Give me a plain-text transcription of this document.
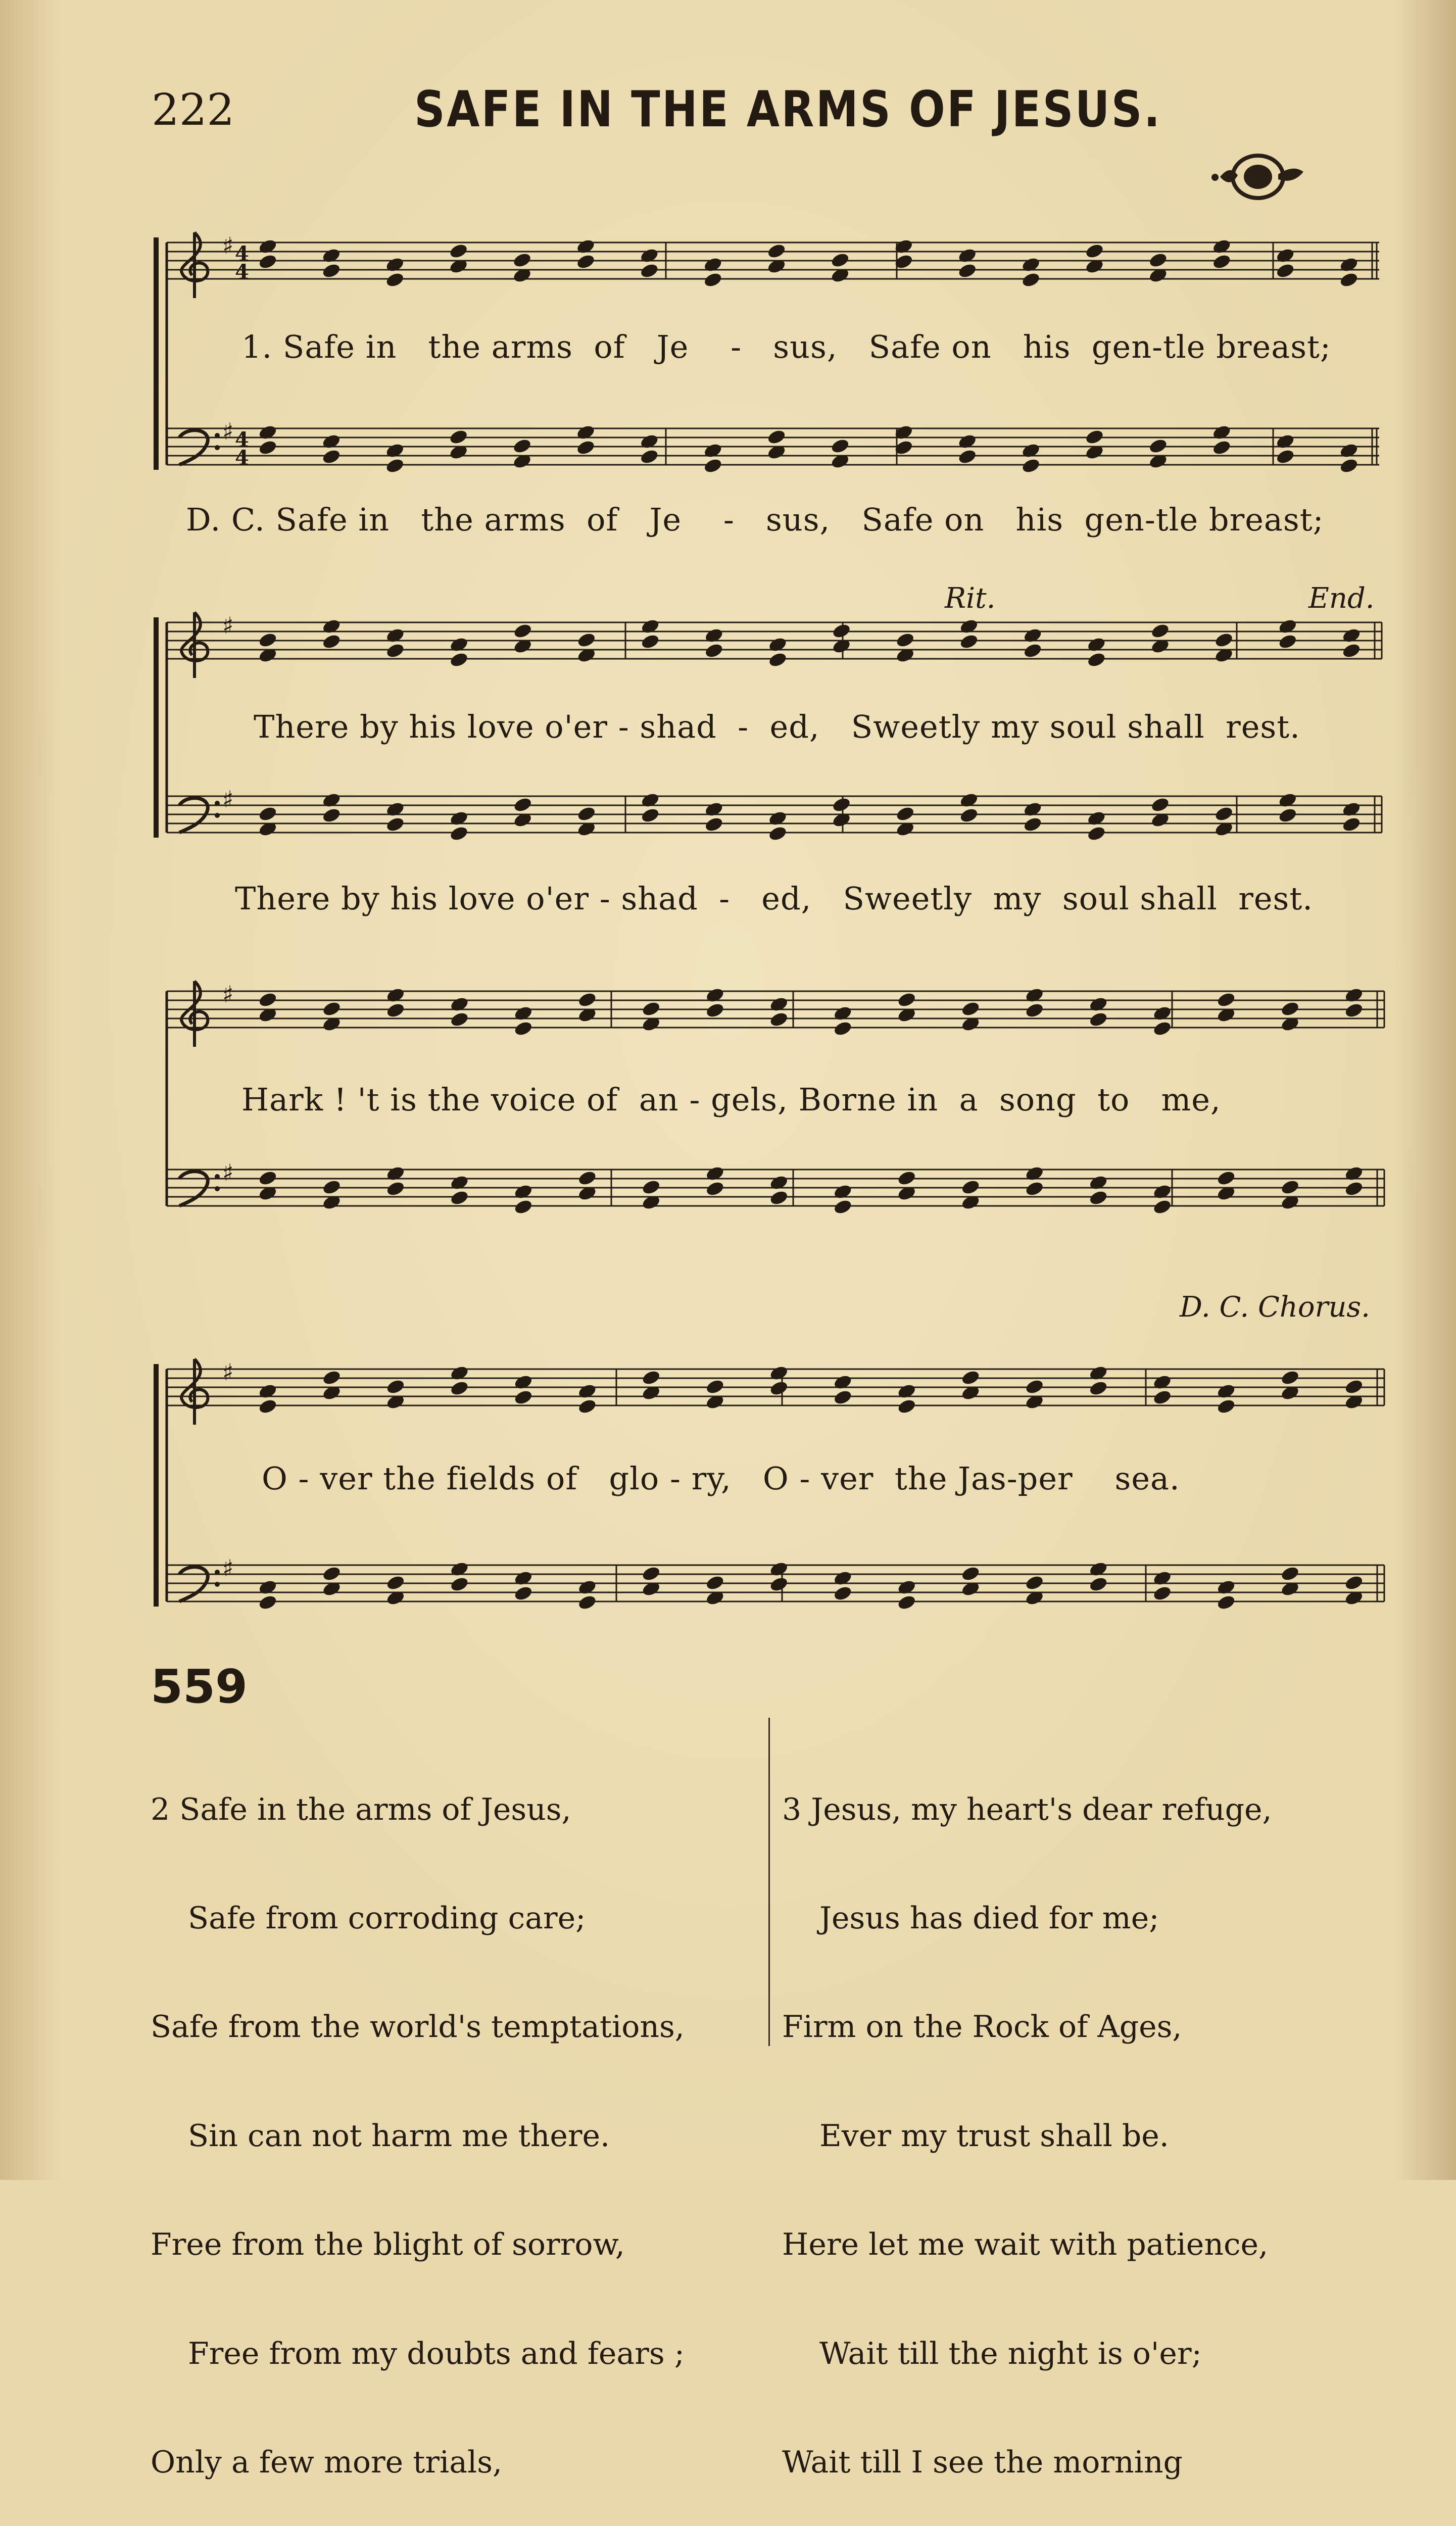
222	SAFE IN THE ARMS OF JESUS.
♯ 4
4
♯ 4
4
♯
♯
♯
♯
♯
♯
Rit.	End.
D. C. Chorus.
1. Safe in   the arms  of   Je    -   sus,   Safe on   his  gen-tle breast;
D. C. Safe in   the arms  of   Je    -   sus,   Safe on   his  gen-tle breast;
There by his love o'er - shad  -  ed,   Sweetly my soul shall  rest.
There by his love o'er - shad  -   ed,   Sweetly  my  soul shall  rest.
Hark ! 't is the voice of  an - gels, Borne in  a  song  to   me,
O - ver the fields of   glo - ry,   O - ver  the Jas-per    sea.
559

2 Safe in the arms of Jesus,

Safe from corroding care;

Safe from the world's temptations,

Sin can not harm me there.

Free from the blight of sorrow,

Free from my doubts and fears ;

Only a few more trials,

3 Jesus, my heart's dear refuge,

Jesus has died for me;

Firm on the Rock of Ages,

Ever my trust shall be.

Here let me wait with patience,

Wait till the night is o'er;

Wait till I see the morning
